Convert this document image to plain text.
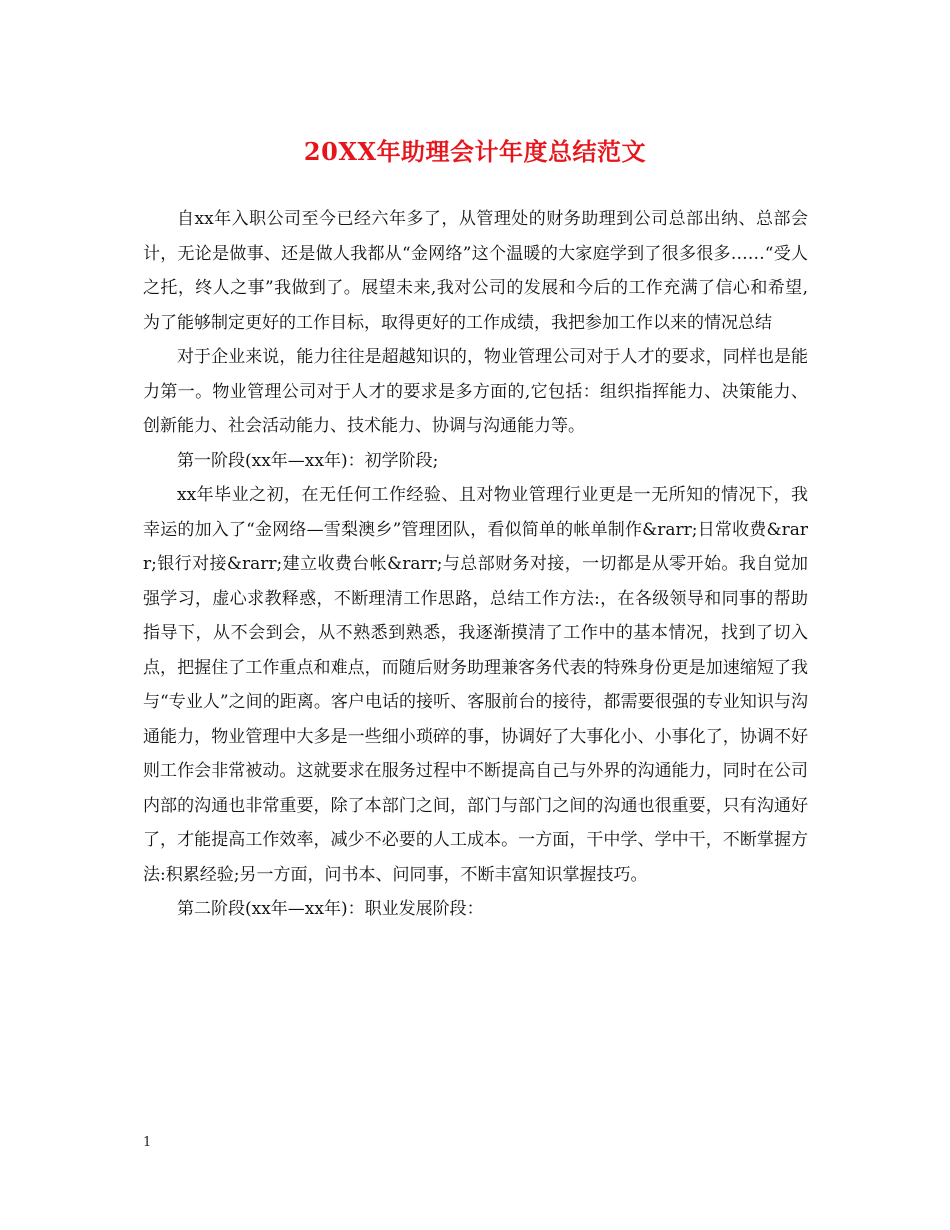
20XX年助理会计年度总结范文

自xx年入职公司至今已经六年多了，从管理处的财务助理到公司总部出纳、总部会计，无论是做事、还是做人我都从“金网络”这个温暖的大家庭学到了很多很多……“受人之托，终人之事”我做到了。展望未来,我对公司的发展和今后的工作充满了信心和希望,为了能够制定更好的工作目标，取得更好的工作成绩，我把参加工作以来的情况总结

对于企业来说，能力往往是超越知识的，物业管理公司对于人才的要求，同样也是能力第一。物业管理公司对于人才的要求是多方面的,它包括：组织指挥能力、决策能力、创新能力、社会活动能力、技术能力、协调与沟通能力等。

第一阶段(xx年—xx年)：初学阶段;

xx年毕业之初，在无任何工作经验、且对物业管理行业更是一无所知的情况下，我幸运的加入了“金网络—雪梨澳乡”管理团队，看似简单的帐单制作&rarr;日常收费&rarr;银行对接&rarr;建立收费台帐&rarr;与总部财务对接，一切都是从零开始。我自觉加强学习，虚心求教释惑，不断理清工作思路，总结工作方法:，在各级领导和同事的帮助指导下，从不会到会，从不熟悉到熟悉，我逐渐摸清了工作中的基本情况，找到了切入点，把握住了工作重点和难点，而随后财务助理兼客务代表的特殊身份更是加速缩短了我与“专业人”之间的距离。客户电话的接听、客服前台的接待，都需要很强的专业知识与沟通能力，物业管理中大多是一些细小琐碎的事，协调好了大事化小、小事化了，协调不好则工作会非常被动。这就要求在服务过程中不断提高自己与外界的沟通能力，同时在公司内部的沟通也非常重要，除了本部门之间，部门与部门之间的沟通也很重要，只有沟通好了，才能提高工作效率，减少不必要的人工成本。一方面，干中学、学中干，不断掌握方法:积累经验;另一方面，问书本、问同事，不断丰富知识掌握技巧。

第二阶段(xx年—xx年)：职业发展阶段：

1
